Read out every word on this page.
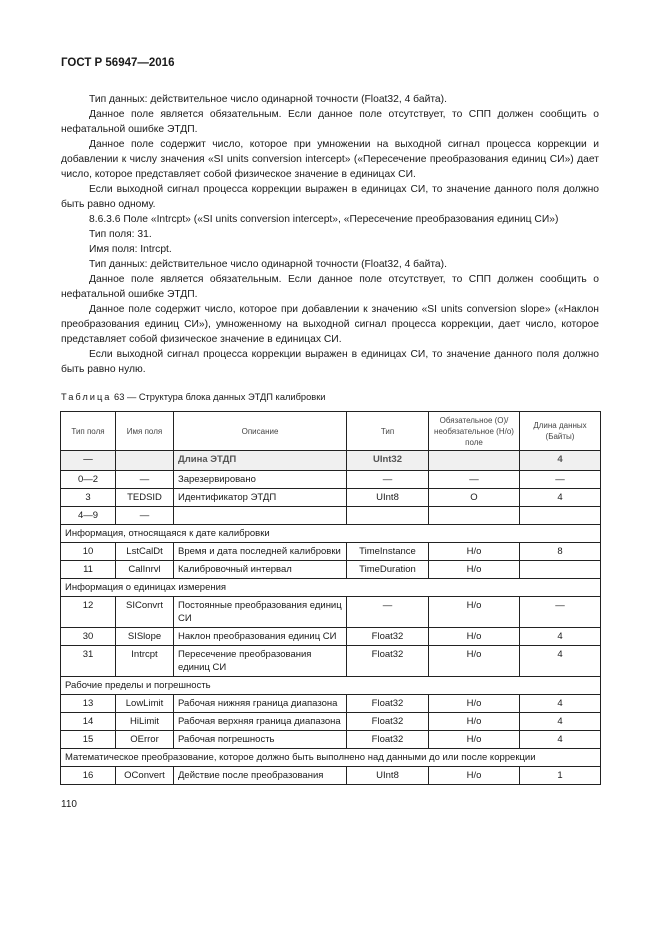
ГОСТ Р 56947—2016

Тип данных: действительное число одинарной точности (Float32, 4 байта).

Данное поле является обязательным. Если данное поле отсутствует, то СПП должен сообщить о нефатальной ошибке ЭТДП.

Данное поле содержит число, которое при умножении на выходной сигнал процесса коррекции и добавлении к числу значения «SI units conversion intercept» («Пересечение преобразования единиц СИ») дает число, которое представляет собой физическое значение в единицах СИ.

Если выходной сигнал процесса коррекции выражен в единицах СИ, то значение данного поля должно быть равно одному.

8.6.3.6 Поле «Intrcpt» («SI units conversion intercept», «Пересечение преобразования единиц СИ»)

Тип поля: 31.

Имя поля: Intrcpt.

Тип данных: действительное число одинарной точности (Float32, 4 байта).

Данное поле является обязательным. Если данное поле отсутствует, то СПП должен сообщить о нефатальной ошибке ЭТДП.

Данное поле содержит число, которое при добавлении к значению «SI units conversion slope» («Наклон преобразования единиц СИ»), умноженному на выходной сигнал процесса коррекции, дает число, которое представляет собой физическое значение в единицах СИ.

Если выходной сигнал процесса коррекции выражен в единицах СИ, то значение данного поля должно быть равно нулю.

Таблица 63 — Структура блока данных ЭТДП калибровки
Тип поля	Имя поля	Описание	Тип	Обязательное (О)/ необязательное (Н/о) поле	Длина данных (Байты)
—		Длина ЭТДП	UInt32		4
0—2	—	Зарезервировано	—	—	—
3	TEDSID	Идентификатор ЭТДП	UInt8	О	4
4—9	—				
Информация, относящаяся к дате калибровки					
10	LstCalDt	Время и дата последней калибровки	TimeInstance	Н/о	8
11	CalInrvl	Калибровочный интервал	TimeDuration	Н/о	
Информация о единицах измерения					
12	SIConvrt	Постоянные преобразования единиц СИ	—	Н/о	—
30	SISlope	Наклон преобразования единиц СИ	Float32	Н/о	4
31	Intrcpt	Пересечение преобразования единиц СИ	Float32	Н/о	4
Рабочие пределы и погрешность					
13	LowLimit	Рабочая нижняя граница диапазона	Float32	Н/о	4
14	HiLimit	Рабочая верхняя граница диапазона	Float32	Н/о	4
15	OError	Рабочая погрешность	Float32	Н/о	4
Математическое преобразование, которое должно быть выполнено над данными до или после коррекции					
16	OConvert	Действие после преобразования	UInt8	Н/о	1
110
